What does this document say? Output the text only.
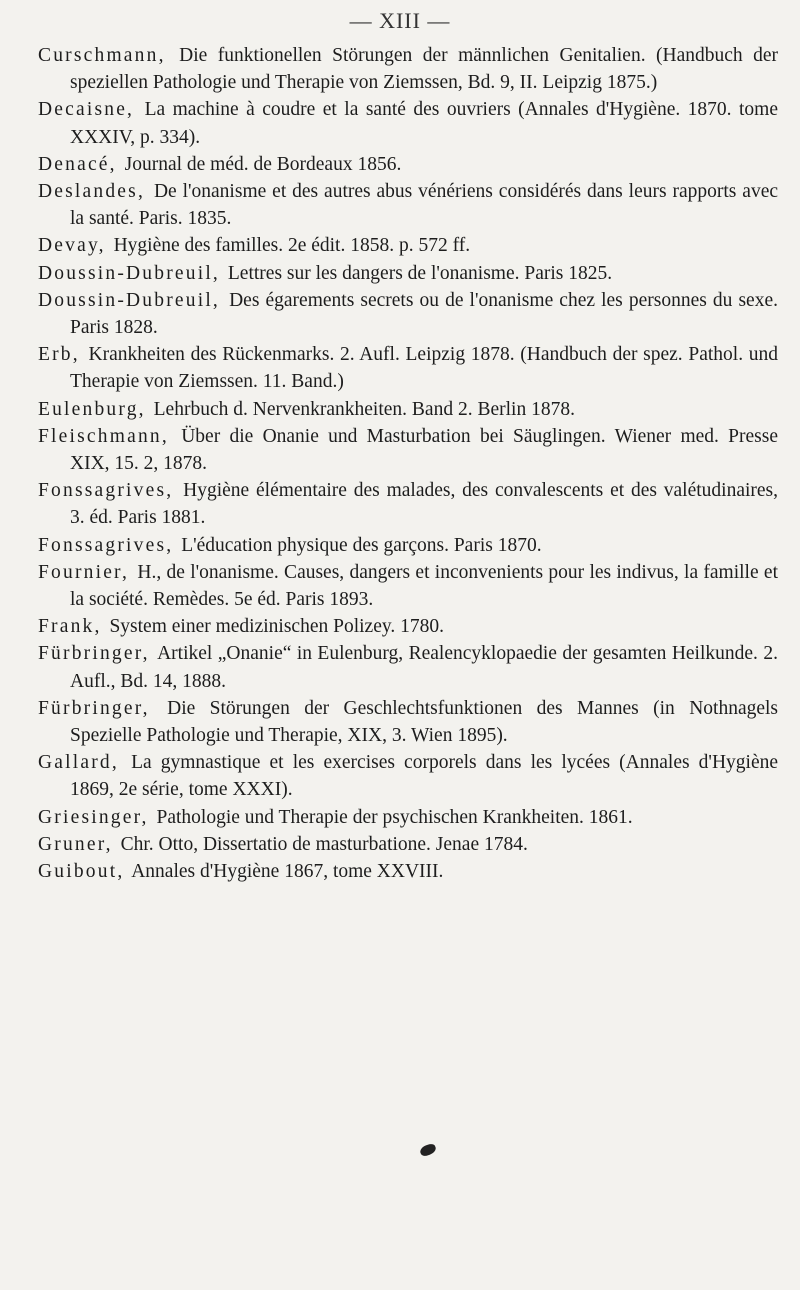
— XIII —

Curschmann, Die funktionellen Störungen der männlichen Genitalien. (Handbuch der speziellen Pathologie und Therapie von Ziemssen, Bd. 9, II. Leipzig 1875.)

Decaisne, La machine à coudre et la santé des ouvriers (Annales d'Hygiène. 1870. tome XXXIV, p. 334).

Denacé, Journal de méd. de Bordeaux 1856.

Deslandes, De l'onanisme et des autres abus vénériens considérés dans leurs rapports avec la santé. Paris. 1835.

Devay, Hygiène des familles. 2e édit. 1858. p. 572 ff.

Doussin-Dubreuil, Lettres sur les dangers de l'onanisme. Paris 1825.

Doussin-Dubreuil, Des égarements secrets ou de l'onanisme chez les personnes du sexe. Paris 1828.

Erb, Krankheiten des Rückenmarks. 2. Aufl. Leipzig 1878. (Handbuch der spez. Pathol. und Therapie von Ziemssen. 11. Band.)

Eulenburg, Lehrbuch d. Nervenkrankheiten. Band 2. Berlin 1878.

Fleischmann, Über die Onanie und Masturbation bei Säuglingen. Wiener med. Presse XIX, 15. 2, 1878.

Fonssagrives, Hygiène élémentaire des malades, des convalescents et des valétudinaires, 3. éd. Paris 1881.

Fonssagrives, L'éducation physique des garçons. Paris 1870.

Fournier, H., de l'onanisme. Causes, dangers et inconvenients pour les indivus, la famille et la société. Remèdes. 5e éd. Paris 1893.

Frank, System einer medizinischen Polizey. 1780.

Fürbringer, Artikel „Onanie“ in Eulenburg, Realencyklopaedie der gesamten Heilkunde. 2. Aufl., Bd. 14, 1888.

Fürbringer, Die Störungen der Geschlechtsfunktionen des Mannes (in Nothnagels Spezielle Pathologie und Therapie, XIX, 3. Wien 1895).

Gallard, La gymnastique et les exercises corporels dans les lycées (Annales d'Hygiène 1869, 2e série, tome XXXI).

Griesinger, Pathologie und Therapie der psychischen Krankheiten. 1861.

Gruner, Chr. Otto, Dissertatio de masturbatione. Jenae 1784.

Guibout, Annales d'Hygiène 1867, tome XXVIII.
